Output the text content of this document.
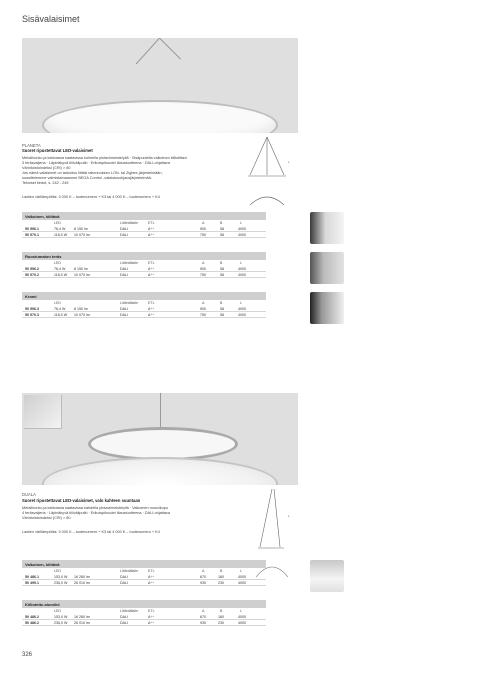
Sisävalaisimet
L
PLANETA
Suoret ripustettavat LED-valaisimet
Metallirunko ja kattorasia saatavissa kolmella pintaviimeistelyllä · Sisäpuolelta valkoinen kiiltoilttavi
3 teräsvaijeria · Läpinäkyvä tiiliväliputki · Erikoispituudet tilaustuotteena · DALI-ohjattava
Värintoistoindeksi (CRI) > 80
Jos nämä valaisimet on tarkoitus liittää rakennuksen LON- tai Zigbee-järjestelmään,
suosittelemme valmistamaamme BEGA Control -valaistusohjausjärjestelmää.
Tekniset tiedot, s. 242 - 245
Laslien värilämpötila: 3 000 K – tuotenumero + K3 tai 4 000 K – tuotenumero + K4
Valkoinen, kiiltävä
LED	Liitäntälaite	ETL	A	B	L
50 596.1	76,4 W 8 150 lm	DALI	A⁺⁺	500	58	4000
50 570.1	118,0 W 10 070 lm	DALI	A⁺⁺	750	58	4000
Ruostumaton teräs
LED	Liitäntälaite	ETL	A	B	L
50 596.2	76,4 W 8 150 lm	DALI	A⁺⁺	500	58	4000
50 570.2	118,0 W 10 070 lm	DALI	A⁺⁺	750	58	4000
Kromi
LED	Liitäntälaite	ETL	A	B	L
50 596.3	76,4 W 8 150 lm	DALI	A⁺⁺	500	58	4000
50 570.3	118,0 W 10 070 lm	DALI	A⁺⁺	750	58	4000
L
DUALA
Suoret ripustettavat LED-valaisimet, valo kahteen suuntaan
Metallirunko ja kattorasia saatavissa kahdella pintaviimeistelyllä · Valkoinen muovikupu
4 teräsvaijeria · Läpinäkyvä tiiliväliputki · Erikoispituudet tilaustuotteena · DALI-ohjattava
Värintoistoindeksi (CRI) > 80
Laslien värilämpötila: 3 000 K – tuotenumero + K3 tai 4 000 K – tuotenumero + K4
Valkoinen, kiiltävä
LED	Liitäntälaite	ETL	A	B	L
50 486.1	153,0 W 16 260 lm	DALI	A⁺⁺	670	160	4000
50 499.1	236,0 W 26 010 lm	DALI	A⁺⁺	930	230	4000
Kiillotettu alumiini
LED	Liitäntälaite	ETL	A	B	L
50 486.2	153,0 W 16 260 lm	DALI	A⁺⁺	670	160	4000
50 486.2	236,0 W 26 010 lm	DALI	A⁺⁺	930	230	4000
326
